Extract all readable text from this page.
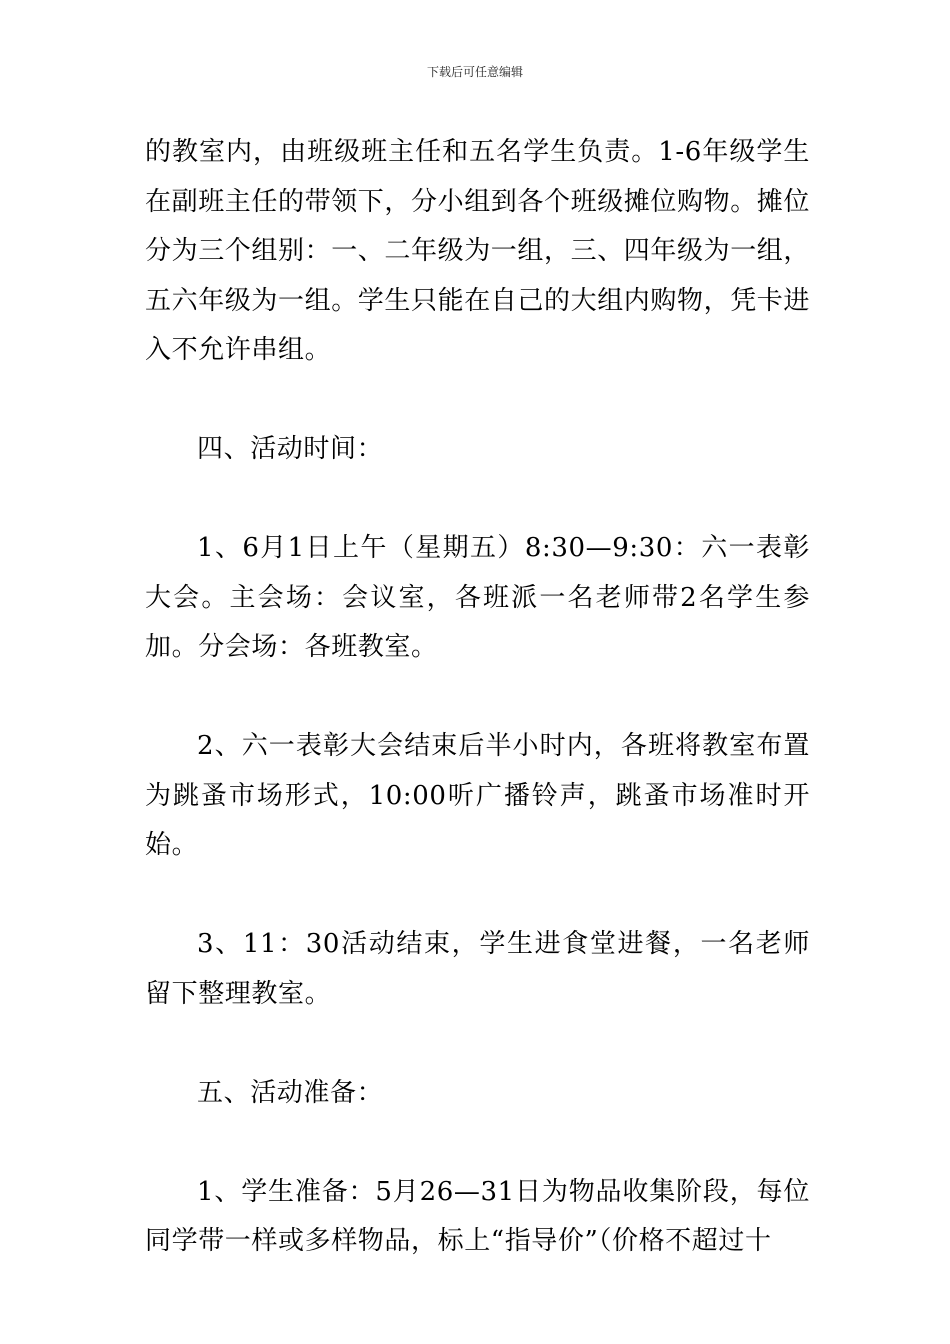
下载后可任意编辑

的教室内，由班级班主任和五名学生负责。1-6年级学生在副班主任的带领下，分小组到各个班级摊位购物。摊位分为三个组别：一、二年级为一组，三、四年级为一组，五六年级为一组。学生只能在自己的大组内购物，凭卡进入不允许串组。

四、活动时间：

1、6月1日上午（星期五）8:30—9:30：六一表彰大会。主会场：会议室，各班派一名老师带2名学生参加。分会场：各班教室。

2、六一表彰大会结束后半小时内，各班将教室布置为跳蚤市场形式，10:00听广播铃声，跳蚤市场准时开始。

3、11：30活动结束，学生进食堂进餐，一名老师留下整理教室。

五、活动准备：

1、学生准备：5月26—31日为物品收集阶段，每位同学带一样或多样物品，标上“指导价”（价格不超过十
